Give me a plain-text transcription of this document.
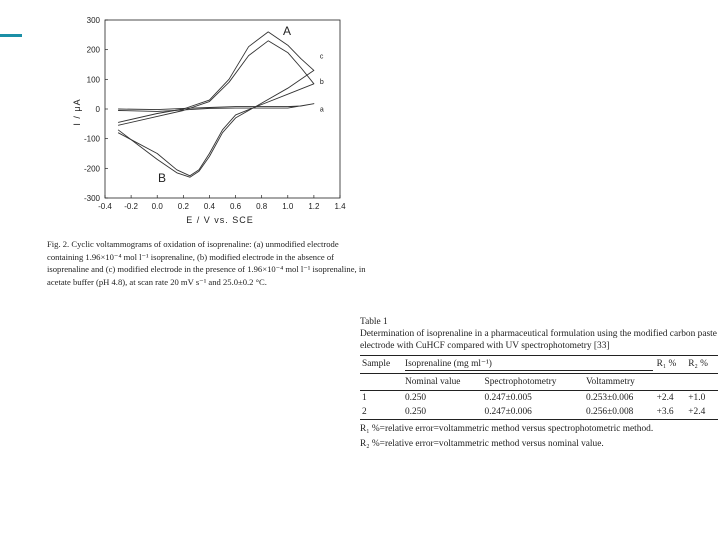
-0.4 -0.2 0.0 0.2 0.4 0.6 0.8 1.0 1.2 1.4
300
200
100
0
-100
-200
-300
a
b
c
E / V vs. SCE
I / μA
A
B
Fig. 2. Cyclic voltammograms of oxidation of isoprenaline: (a) unmodified electrode containing 1.96×10⁻⁴ mol l⁻¹ isoprenaline, (b) modified electrode in the absence of isoprenaline and (c) modified electrode in the presence of 1.96×10⁻⁴ mol l⁻¹ isoprenaline, in acetate buffer (pH 4.8), at scan rate 20 mV s⁻¹ and 25.0±0.2 °C.
Table 1
Determination of isoprenaline in a pharmaceutical formulation using the modified carbon paste electrode with CuHCF compared with UV spectrophotometry [33]
Sample	Isoprenaline (mg ml⁻¹)			R₁ %	R₂ %
	Nominal value	Spectrophotometry	Voltammetry		
1	0.250	0.247±0.005	0.253±0.006	+2.4	+1.0
2	0.250	0.247±0.006	0.256±0.008	+3.6	+2.4
R₁ %=relative error=voltammetric method versus spectrophotometric method.
R₂ %=relative error=voltammetric method versus nominal value.
